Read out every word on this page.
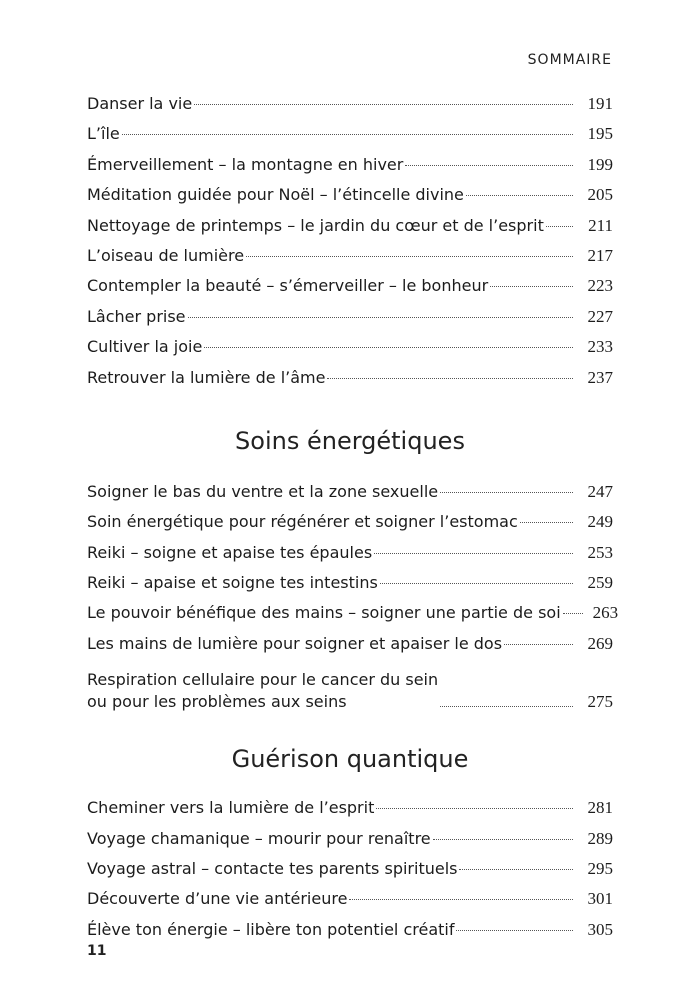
SOMMAIRE
Danser la vie	191
L’île	195
Émerveillement – la montagne en hiver	199
Méditation guidée pour Noël – l’étincelle divine	205
Nettoyage de printemps – le jardin du cœur et de l’esprit	211
L’oiseau de lumière	217
Contempler la beauté – s’émerveiller – le bonheur	223
Lâcher prise	227
Cultiver la joie	233
Retrouver la lumière de l’âme	237
Soins énergétiques
Soigner le bas du ventre et la zone sexuelle	247
Soin énergétique pour régénérer et soigner l’estomac	249
Reiki – soigne et apaise tes épaules	253
Reiki – apaise et soigne tes intestins	259
Le pouvoir bénéfique des mains – soigner une partie de soi 263
Les mains de lumière pour soigner et apaiser le dos	269
Respiration cellulaire pour le cancer du sein
ou pour les problèmes aux seins	275
Guérison quantique
Cheminer vers la lumière de l’esprit	281
Voyage chamanique – mourir pour renaître	289
Voyage astral – contacte tes parents spirituels	295
Découverte d’une vie antérieure	301
Élève ton énergie – libère ton potentiel créatif	305
11
